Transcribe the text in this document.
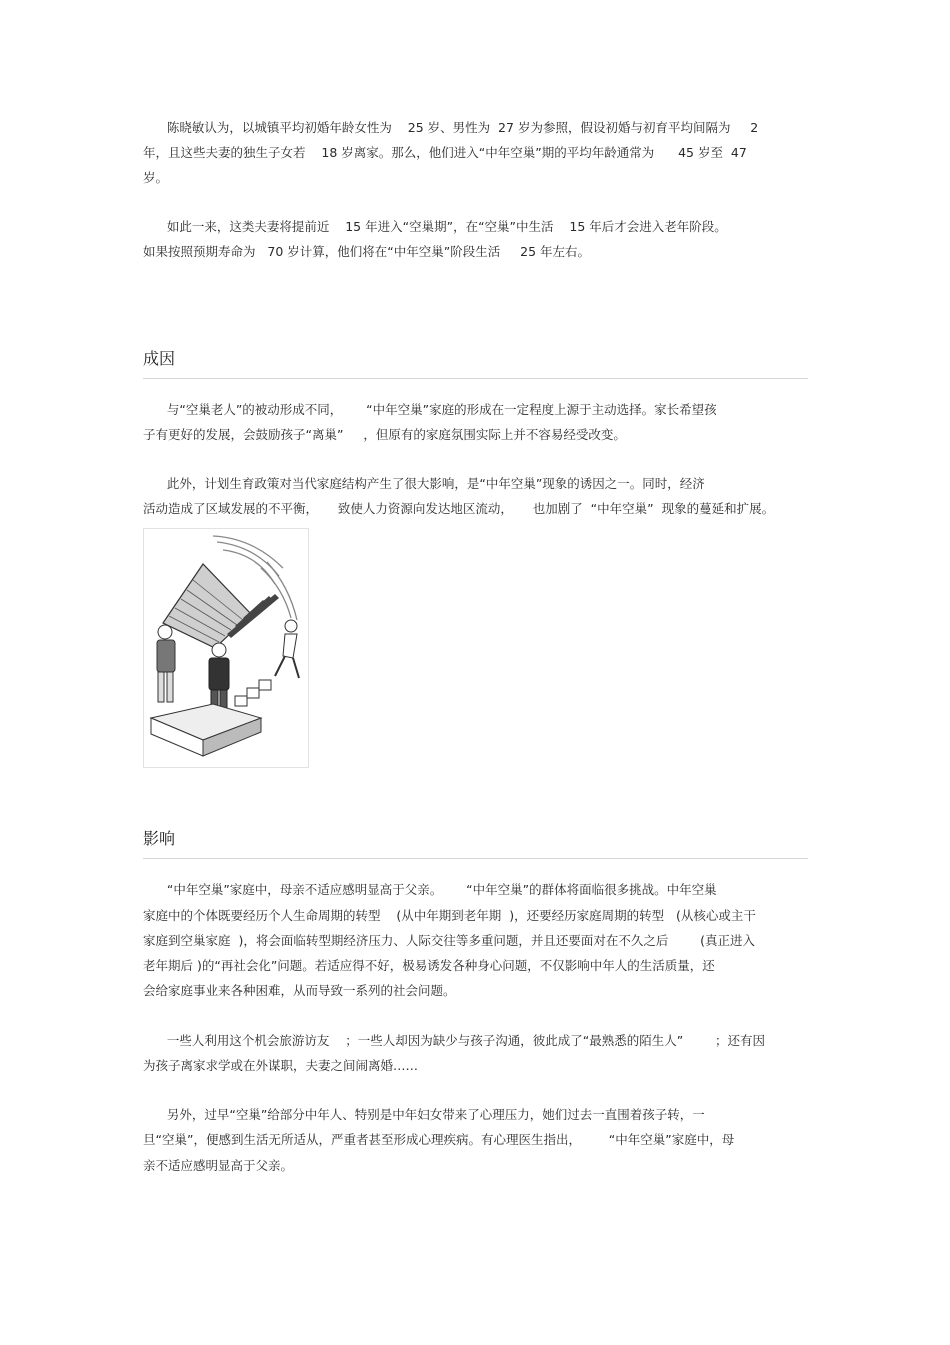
陈晓敏认为，以城镇平均初婚年龄女性为    25 岁、男性为  27 岁为参照，假设初婚与初育平均间隔为     2
年，且这些夫妻的独生子女若    18 岁离家。那么，他们进入“中年空巢”期的平均年龄通常为      45 岁至  47
岁。
如此一来，这类夫妻将提前近    15 年进入“空巢期”，在“空巢”中生活    15 年后才会进入老年阶段。
如果按照预期寿命为   70 岁计算，他们将在“中年空巢”阶段生活     25 年左右。
成因
与“空巢老人”的被动形成不同，      “中年空巢”家庭的形成在一定程度上源于主动选择。家长希望孩
子有更好的发展，会鼓励孩子“离巢”     ，但原有的家庭氛围实际上并不容易经受改变。
此外，计划生育政策对当代家庭结构产生了很大影响，是“中年空巢”现象的诱因之一。同时，经济
活动造成了区域发展的不平衡，     致使人力资源向发达地区流动，     也加剧了  “中年空巢”  现象的蔓延和扩展。
影响
“中年空巢”家庭中，母亲不适应感明显高于父亲。      “中年空巢”的群体将面临很多挑战。中年空巢
家庭中的个体既要经历个人生命周期的转型    (从中年期到老年期  )，还要经历家庭周期的转型   (从核心或主干
家庭到空巢家庭  )，将会面临转型期经济压力、人际交往等多重问题，并且还要面对在不久之后        (真正进入
老年期后 )的“再社会化”问题。若适应得不好，极易诱发各种身心问题，不仅影响中年人的生活质量，还
会给家庭事业来各种困难，从而导致一系列的社会问题。
一些人利用这个机会旅游访友    ；一些人却因为缺少与孩子沟通，彼此成了“最熟悉的陌生人”        ；还有因
为孩子离家求学或在外谋职，夫妻之间闹离婚……
另外，过早“空巢”给部分中年人、特别是中年妇女带来了心理压力，她们过去一直围着孩子转，一
旦“空巢”，便感到生活无所适从，严重者甚至形成心理疾病。有心理医生指出，       “中年空巢”家庭中，母
亲不适应感明显高于父亲。
